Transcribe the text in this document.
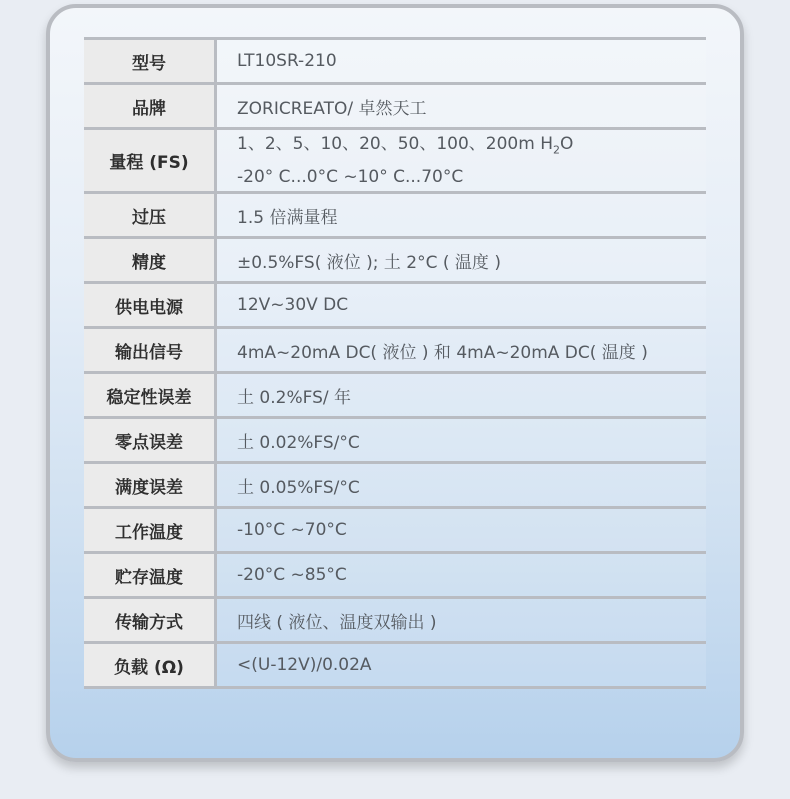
型号	LT10SR-210
品牌	ZORICREATO/ 卓然天工
量程 (FS)	1、2、5、10、20、50、100、200m $H_2O$
-20° C...0°C ~10° C...70°C

过压	1.5 倍满量程
精度	±0.5%FS( 液位 ); 土 2°C ( 温度 )
供电电源	12V~30V DC
输出信号	4mA~20mA DC( 液位 ) 和 4mA~20mA DC( 温度 )
稳定性误差	土 0.2%FS/ 年
零点误差	土 0.02%FS/°C
满度误差	土 0.05%FS/°C
工作温度	-10°C ~70°C
贮存温度	-20°C ~85°C
传输方式	四线 ( 液位、温度双输出 )
负载 (Ω)	<(U-12V)/0.02A
